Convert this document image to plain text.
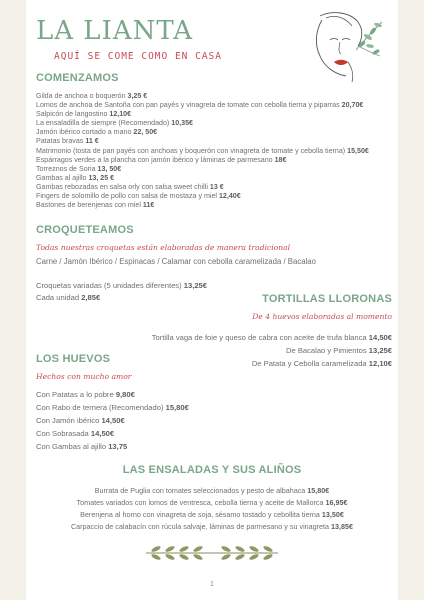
LA LIANTA
AQUÍ SE COME COMO EN CASA
COMENZAMOS
Gilda de anchoa o boquerón 3,25 €
Lomos de anchoa de Santoña con pan payés y vinagreta de tomate con cebolla tierna y piparras 20,70€
Salpicón de langostino 12,10€
La ensaladilla de siempre (Recomendado) 10,35€
Jamón ibérico cortado a mano 22, 50€
Patatas bravas 11 €
Matrimonio (tosta de pan payés con anchoas y boquerón con vinagreta de tomate y cebolla tierna) 15,50€
Espárragos verdes a la plancha con jamón ibérico y láminas de parmesano 18€
Torreznos de Soria 13, 50€
Gambas al ajillo 13, 25 €
Gambas rebozadas en salsa orly con salsa sweet chilli 13 €
Fingers de solomillo de pollo con salsa de mostaza y miel 12,40€
Bastones de berenjenas con miel 11€
CROQUETEAMOS
Todas nuestras croquetas están elaboradas de manera tradicional
Carne / Jamón Ibérico / Espinacas / Calamar con cebolla caramelizada / Bacalao
Croquetas variadas (5 unidades diferentes) 13,25€
Cada unidad 2,85€	TORTILLAS LLORONAS
De 4 huevos elaboradas al momento
Tortilla vaga de foie y queso de cabra con aceite de trufa blanca 14,50€
De Bacalao y Pimientos 13,25€
De Patata y Cebolla caramelizada 12,10€
LOS HUEVOS
Hechos con mucho amor
Con Patatas a lo pobre 9,80€
Con Rabo de ternera (Recomendado) 15,80€
Con Jamón ibérico 14,50€
Con Sobrasada 14,50€
Con Gambas al ajillo 13,75
LAS ENSALADAS Y SUS ALIÑOS
Burrata de Puglia con tomates seleccionados y pesto de albahaca 15,80€
Tomates variados con lomos de ventresca, cebolla tierna y aceite de Mallorca 16,95€
Berenjena al horno con vinagreta de soja, sésamo tostado y cebollita tierna 13,50€
Carpaccio de calabacín con rúcula salvaje, láminas de parmesano y su vinagreta 13,85€
1
